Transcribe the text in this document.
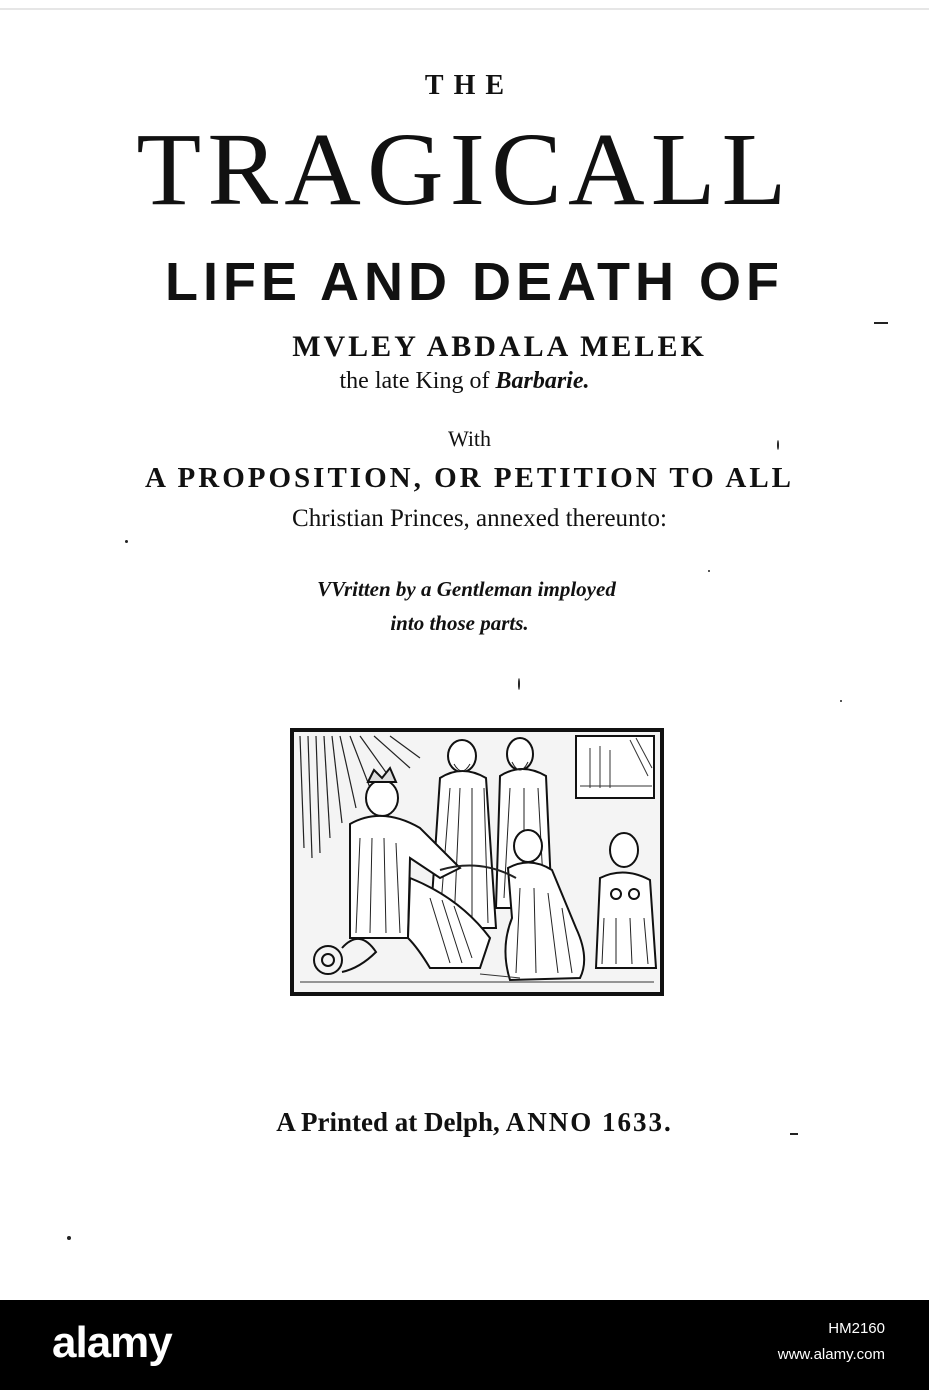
THE
TRAGICALL
LIFE AND DEATH OF
MVLEY ABDALA MELEK
the late King of Barbarie.
With
A PROPOSITION, OR PETITION TO ALL
Christian Princes, annexed thereunto:
VVritten by a Gentleman imployed
into those parts.
A Printed at Delph, ANNO 1633.
alamy	HM2160
www.alamy.com
